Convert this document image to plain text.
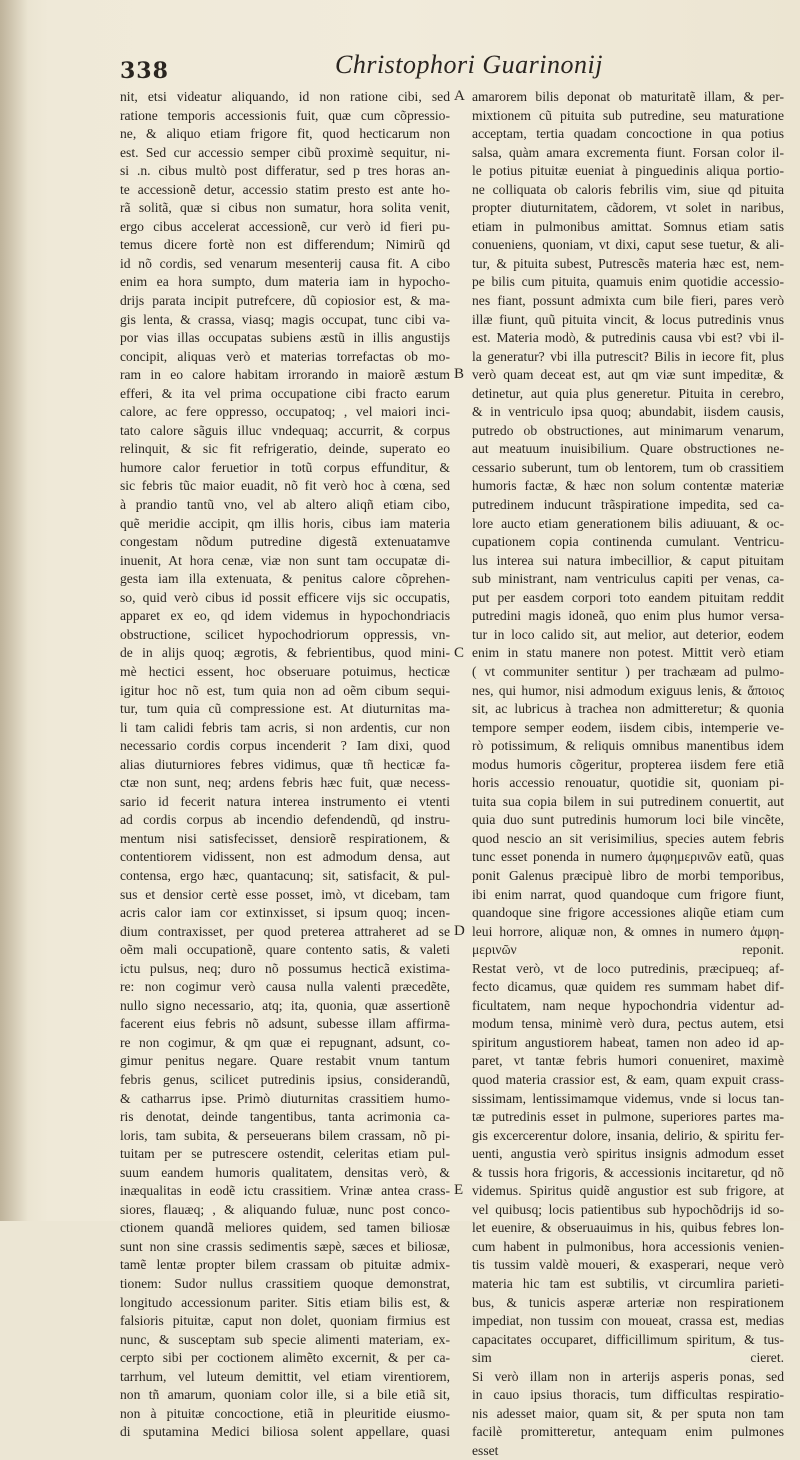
338	Christophori Guarinonij
nit, etsi videatur aliquando, id non ratione cibi, sed
ratione temporis accessionis fuit, quæ cum cõpressio-
ne, & aliquo etiam frigore fit, quod hecticarum non
est. Sed cur accessio semper cibũ proximè sequitur, ni-
si .n. cibus multò post differatur, sed p tres horas an-
te accessionẽ detur, accessio statim presto est ante ho-
rã solitã, quæ si cibus non sumatur, hora solita venit,
ergo cibus accelerat accessionẽ, cur verò id fieri pu-
temus dicere fortè non est differendum; Nimirũ qd
id nõ cordis, sed venarum mesenterij causa fit. A cibo
enim ea hora sumpto, dum materia iam in hypocho-
drijs parata incipit putrefcere, dũ copiosior est, & ma-
gis lenta, & crassa, viasq; magis occupat, tunc cibi va-
por vias illas occupatas subiens æstũ in illis angustijs
concipit, aliquas verò et materias torrefactas ob mo-
ram in eo calore habitam irrorando in maiorẽ æstum
efferi, & ita vel prima occupatione cibi fracto earum
calore, ac fere oppresso, occupatoq; , vel maiori inci-
tato calore sãguis illuc vndequaq; accurrit, & corpus
relinquit, & sic fit refrigeratio, deinde, superato eo
humore calor feruetior in totũ corpus effunditur, &
sic febris tũc maior euadit, nõ fit verò hoc à cœna, sed
à prandio tantũ vno, vel ab altero aliqñ etiam cibo,
quẽ meridie accipit, qm illis horis, cibus iam materia
congestam nõdum putredine digestã extenuatamve
inuenit, At hora cenæ, viæ non sunt tam occupatæ di-
gesta iam illa extenuata, & penitus calore cõprehen-
so, quid verò cibus id possit efficere vijs sic occupatis,
apparet ex eo, qd idem videmus in hypochondriacis
obstructione, scilicet hypochodriorum oppressis, vn-
de in alijs quoq; ægrotis, & febrientibus, quod mini-
mè hectici essent, hoc obseruare potuimus, hecticæ
igitur hoc nõ est, tum quia non ad oẽm cibum sequi-
tur, tum quia cũ compressione est. At diuturnitas ma-
li tam calidi febris tam acris, si non ardentis, cur non
necessario cordis corpus incenderit ? Iam dixi, quod
alias diuturniores febres vidimus, quæ tñ hecticæ fa-
ctæ non sunt, neq; ardens febris hæc fuit, quæ necess-
sario id fecerit natura interea instrumento ei vtenti
ad cordis corpus ab incendio defendendũ, qd instru-
mentum nisi satisfecisset, densiorẽ respirationem, &
contentiorem vidissent, non est admodum densa, aut
contensa, ergo hæc, quantacunq; sit, satisfacit, & pul-
sus et densior certè esse posset, imò, vt dicebam, tam
acris calor iam cor extinxisset, si ipsum quoq; incen-
dium contraxisset, per quod preterea attraheret ad se
oẽm mali occupationẽ, quare contento satis, & valeti
ictu pulsus, neq; duro nõ possumus hecticã existima-
re: non cogimur verò causa nulla valenti præcedẽte,
nullo signo necessario, atq; ita, quonia, quæ assertionẽ
facerent eius febris nõ adsunt, subesse illam affirma-
re non cogimur, & qm quæ ei repugnant, adsunt, co-
gimur penitus negare. Quare restabit vnum tantum
febris genus, scilicet putredinis ipsius, considerandũ,
& catharrus ipse. Primò diuturnitas crassitiem humo-
ris denotat, deinde tangentibus, tanta acrimonia ca-
loris, tam subita, & perseuerans bilem crassam, nõ pi-
tuitam per se putrescere ostendit, celeritas etiam pul-
suum eandem humoris qualitatem, densitas verò, &
inæqualitas in eodẽ ictu crassitiem. Vrinæ antea crass-
siores, flauæq; , & aliquando fuluæ, nunc post conco-
ctionem quandã meliores quidem, sed tamen biliosæ
sunt non sine crassis sedimentis sæpè, sæces et biliosæ,
tamẽ lentæ propter bilem crassam ob pituitæ admix-
tionem: Sudor nullus crassitiem quoque demonstrat,
longitudo accessionum pariter. Sitis etiam bilis est, &
falsioris pituitæ, caput non dolet, quoniam firmius est
nunc, & susceptam sub specie alimenti materiam, ex-
cerpto sibi per coctionem alimẽto excernit, & per ca-
tarrhum, vel luteum demittit, vel etiam virentiorem,
non tñ amarum, quoniam color ille, si a bile etiã sit,
non à pituitæ concoctione, etiã in pleuritide eiusmo-
di sputamina Medici biliosa solent appellare, quasi
A
B
C
D
E
amarorem bilis deponat ob maturitatẽ illam, & per-
mixtionem cũ pituita sub putredine, seu maturatione
acceptam, tertia quadam concoctione in qua potius
salsa, quàm amara excrementa fiunt. Forsan color il-
le potius pituitæ eueniat à pinguedinis aliqua portio-
ne colliquata ob caloris febrilis vim, siue qd pituita
propter diuturnitatem, cãdorem, vt solet in naribus,
etiam in pulmonibus amittat. Somnus etiam satis
conueniens, quoniam, vt dixi, caput sese tuetur, & ali-
tur, & pituita subest, Putrescẽs materia hæc est, nem-
pe bilis cum pituita, quamuis enim quotidie accessio-
nes fiant, possunt admixta cum bile fieri, pares verò
illæ fiunt, quũ pituita vincit, & locus putredinis vnus
est. Materia modò, & putredinis causa vbi est? vbi il-
la generatur? vbi illa putrescit? Bilis in iecore fit, plus
verò quam deceat est, aut qm viæ sunt impeditæ, &
detinetur, aut quia plus generetur. Pituita in cerebro,
& in ventriculo ipsa quoq; abundabit, iisdem causis,
putredo ob obstructiones, aut minimarum venarum,
aut meatuum inuisibilium. Quare obstructiones ne-
cessario suberunt, tum ob lentorem, tum ob crassitiem
humoris factæ, & hæc non solum contentæ materiæ
putredinem inducunt trãspiratione impedita, sed ca-
lore aucto etiam generationem bilis adiuuant, & oc-
cupationem copia continenda cumulant. Ventricu-
lus interea sui natura imbecillior, & caput pituitam
sub ministrant, nam ventriculus capiti per venas, ca-
put per easdem corpori toto eandem pituitam reddit
putredini magis idoneã, quo enim plus humor versa-
tur in loco calido sit, aut melior, aut deterior, eodem
enim in statu manere non potest. Mittit verò etiam
( vt communiter sentitur ) per trachæam ad pulmo-
nes, qui humor, nisi admodum exiguus lenis, & ἄποιος
sit, ac lubricus à trachea non admitteretur; & quonia
tempore semper eodem, iisdem cibis, intemperie ve-
rò potissimum, & reliquis omnibus manentibus idem
modus humoris cõgeritur, propterea iisdem fere etiã
horis accessio renouatur, quotidie sit, quoniam pi-
tuita sua copia bilem in sui putredinem conuertit, aut
quia duo sunt putredinis humorum loci bile vincẽte,
quod nescio an sit verisimilius, species autem febris
tunc esset ponenda in numero ἀμφημερινῶν eatũ, quas
ponit Galenus præcipuè libro de morbi temporibus,
ibi enim narrat, quod quandoque cum frigore fiunt,
quandoque sine frigore accessiones aliqũe etiam cum
leui horrore, aliquæ non, & omnes in numero ἀμφη-
μερινῶν reponit.
Restat verò, vt de loco putredinis, præcipueq; af-
fecto dicamus, quæ quidem res summam habet dif-
ficultatem, nam neque hypochondria videntur ad-
modum tensa, minimè verò dura, pectus autem, etsi
spiritum angustiorem habeat, tamen non adeo id ap-
paret, vt tantæ febris humori conueniret, maximè
quod materia crassior est, & eam, quam expuit crass-
sissimam, lentissimamque videmus, vnde si locus tan-
tæ putredinis esset in pulmone, superiores partes ma-
gis excercerentur dolore, insania, delirio, & spiritu fer-
uenti, angustia verò spiritus insignis admodum esset
& tussis hora frigoris, & accessionis incitaretur, qd nõ
videmus. Spiritus quidẽ angustior est sub frigore, at
vel quibusq; locis patientibus sub hypochõdrijs id so-
let euenire, & obseruauimus in his, quibus febres lon-
cum habent in pulmonibus, hora accessionis venien-
tis tussim valdè moueri, & exasperari, neque verò
materia hic tam est subtilis, vt circumlira parieti-
bus, & tunicis asperæ arteriæ non respirationem
impediat, non tussim con moueat, crassa est, medias
capacitates occuparet, difficillimum spiritum, & tus-
sim cieret.
Si verò illam non in arterijs asperis ponas, sed
in cauo ipsius thoracis, tum difficultas respiratio-
nis adesset maior, quam sit, & per sputa non tam
facilè promitteretur, antequam enim pulmones
esset
